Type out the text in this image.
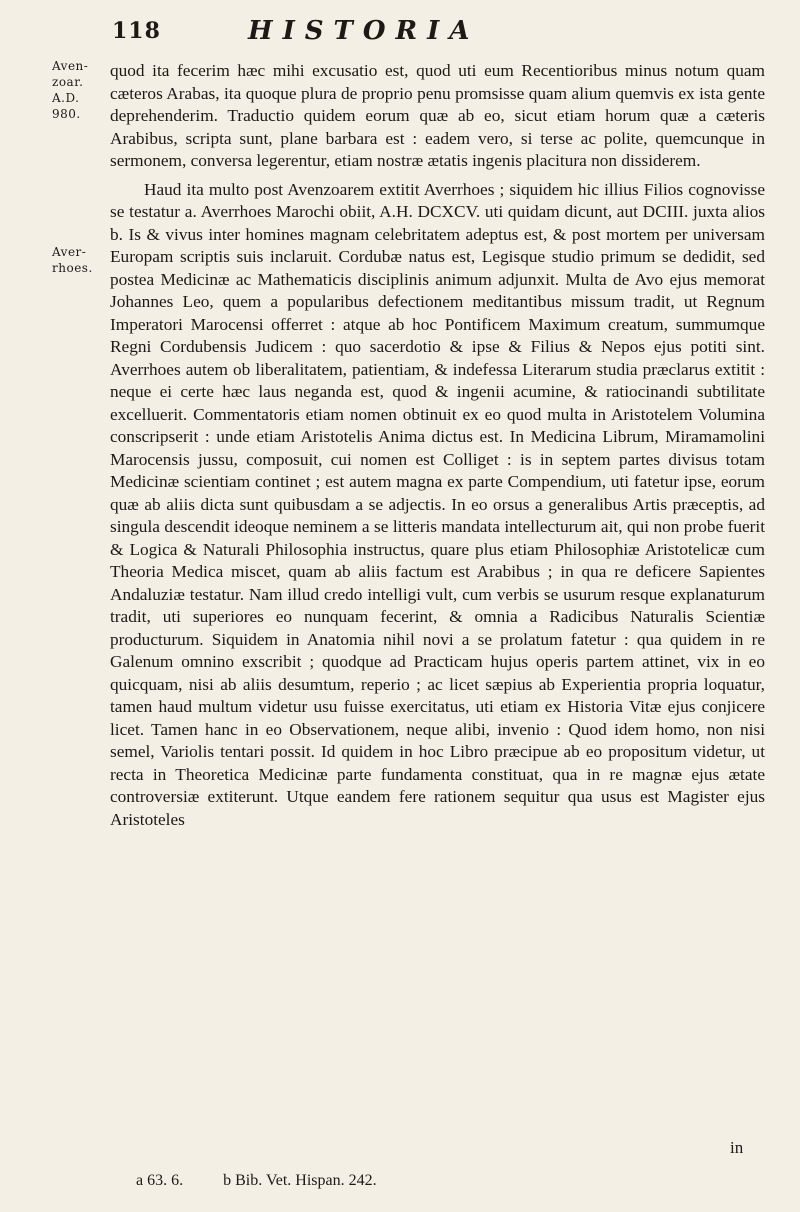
118	HISTORIA
Aven-
zoar.
A.D.
980.
Aver-
rhoes.

quod ita fecerim hæc mihi excusatio est, quod uti eum Recentioribus minus notum quam cæteros Arabas, ita quoque plura de proprio penu promsisse quam alium quemvis ex ista gente deprehenderim. Traductio quidem eorum quæ ab eo, sicut etiam horum quæ a cæteris Arabibus, scripta sunt, plane barbara est : eadem vero, si terse ac polite, quemcunque in sermonem, conversa legerentur, etiam nostræ ætatis ingenis placitura non dissiderem.

Haud ita multo post Avenzoarem extitit Averrhoes ; siquidem hic illius Filios cognovisse se testatur a. Averrhoes Marochi obiit, A.H. DCXCV. uti quidam dicunt, aut DCIII. juxta alios b. Is & vivus inter homines magnam celebritatem adeptus est, & post mortem per universam Europam scriptis suis inclaruit. Cordubæ natus est, Legisque studio primum se dedidit, sed postea Medicinæ ac Mathematicis disciplinis animum adjunxit. Multa de Avo ejus memorat Johannes Leo, quem a popularibus defectionem meditantibus missum tradit, ut Regnum Imperatori Marocensi offerret : atque ab hoc Pontificem Maximum creatum, summumque Regni Cordubensis Judicem : quo sacerdotio & ipse & Filius & Nepos ejus potiti sint. Averrhoes autem ob liberalitatem, patientiam, & indefessa Literarum studia præclarus extitit : neque ei certe hæc laus neganda est, quod & ingenii acumine, & ratiocinandi subtilitate excelluerit. Commentatoris etiam nomen obtinuit ex eo quod multa in Aristotelem Volumina conscripserit : unde etiam Aristotelis Anima dictus est. In Medicina Librum, Miramamolini Marocensis jussu, composuit, cui nomen est Colliget : is in septem partes divisus totam Medicinæ scientiam continet ; est autem magna ex parte Compendium, uti fatetur ipse, eorum quæ ab aliis dicta sunt quibusdam a se adjectis. In eo orsus a generalibus Artis præceptis, ad singula descendit ideoque neminem a se litteris mandata intellecturum ait, qui non probe fuerit & Logica & Naturali Philosophia instructus, quare plus etiam Philosophiæ Aristotelicæ cum Theoria Medica miscet, quam ab aliis factum est Arabibus ; in qua re deficere Sapientes Andaluziæ testatur. Nam illud credo intelligi vult, cum verbis se usurum resque explanaturum tradit, uti superiores eo nunquam fecerint, & omnia a Radicibus Naturalis Scientiæ producturum. Siquidem in Anatomia nihil novi a se prolatum fatetur : qua quidem in re Galenum omnino exscribit ; quodque ad Practicam hujus operis partem attinet, vix in eo quicquam, nisi ab aliis desumtum, reperio ; ac licet sæpius ab Experientia propria loquatur, tamen haud multum videtur usu fuisse exercitatus, uti etiam ex Historia Vitæ ejus conjicere licet. Tamen hanc in eo Observationem, neque alibi, invenio : Quod idem homo, non nisi semel, Variolis tentari possit. Id quidem in hoc Libro præcipue ab eo propositum videtur, ut recta in Theoretica Medicinæ parte fundamenta constituat, qua in re magnæ ejus ætate controversiæ extiterunt. Utque eandem fere rationem sequitur qua usus est Magister ejus Aristoteles

in
a 63. 6.	b Bib. Vet. Hispan. 242.
